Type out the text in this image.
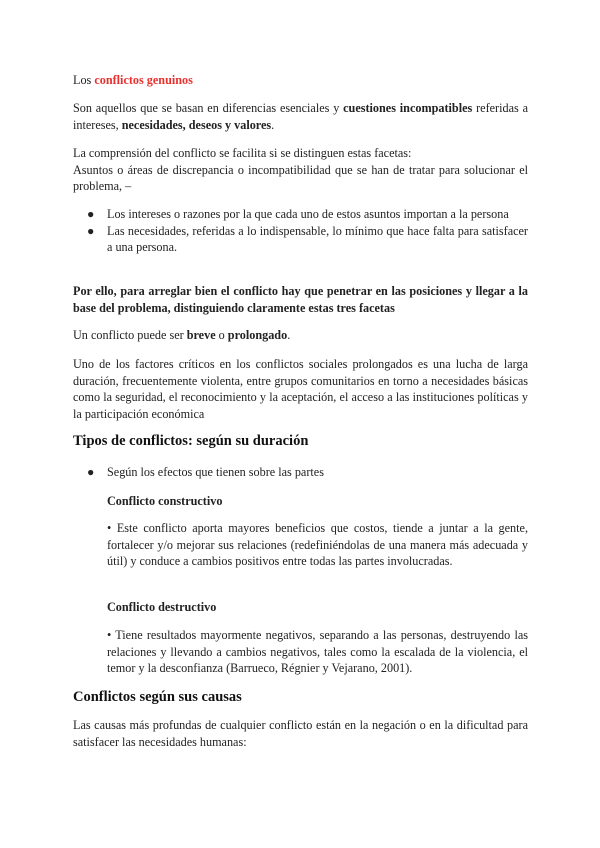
Los conflictos genuinos

Son aquellos que se basan en diferencias esenciales y cuestiones incompatibles referidas a intereses, necesidades, deseos y valores.

La comprensión del conflicto se facilita si se distinguen estas facetas:

Asuntos o áreas de discrepancia o incompatibilidad que se han de tratar para solucionar el problema, –

● Los intereses o razones por la que cada uno de estos asuntos importan a la persona
● Las necesidades, referidas a lo indispensable, lo mínimo que hace falta para satisfacer a una persona.

Por ello, para arreglar bien el conflicto hay que penetrar en las posiciones y llegar a la base del problema, distinguiendo claramente estas tres facetas

Un conflicto puede ser breve o prolongado.

Uno de los factores críticos en los conflictos sociales prolongados es una lucha de larga duración, frecuentemente violenta, entre grupos comunitarios en torno a necesidades básicas como la seguridad, el reconocimiento y la aceptación, el acceso a las instituciones políticas y la participación económica

Tipos de conflictos: según su duración
● Según los efectos que tienen sobre las partes

Conflicto constructivo

• Este conflicto aporta mayores beneficios que costos, tiende a juntar a la gente, fortalecer y/o mejorar sus relaciones (redefiniéndolas de una manera más adecuada y útil) y conduce a cambios positivos entre todas las partes involucradas.

Conflicto destructivo

• Tiene resultados mayormente negativos, separando a las personas, destruyendo las relaciones y llevando a cambios negativos, tales como la escalada de la violencia, el temor y la desconfianza (Barrueco, Régnier y Vejarano, 2001).

Conflictos según sus causas

Las causas más profundas de cualquier conflicto están en la negación o en la dificultad para satisfacer las necesidades humanas:
